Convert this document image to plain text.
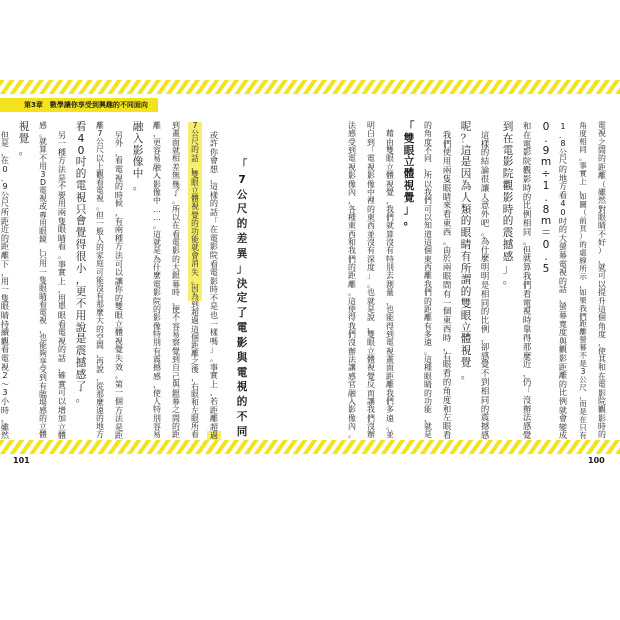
第3章　數學讓你享受到興趣的不同面向
電
視
之
間
的
距
離
（
雖
然
對
眼
睛
不
好
）
，
就
可
以
提
升
這
個
角
度
，
使
其
和
在
電
影
院
觀
影
時
的
角
度
相
同
。
事
實
上
，
如
圖
（
前
頁
）
的
虛
線
所
示
，
如
果
我
們
距
離
螢
幕
不
是
3
公
尺
，
而
是
在
只
有
1
．
8
公
尺
的
地
方
看
4
0
吋
的
大
螢
幕
電
視
的
話
，
螢
幕
寬
度
與
觀
影
距
離
的
比
例
就
會
變
成
0
.
9
m
÷
1
.
8
m
＝
0
.
5
和
在
電
影
院
觀
影
時
的
比
例
相
同
。
但
就
算
我
們
看
電
視
時
靠
得
那
麼
近
，
仍
「
沒
辦
法
感
覺
到
在
電
影
院
觀
影
時
的
震
撼
感
」
。

這
樣
的
結
論
很
讓
人
意
外
吧
。
為
什
麼
明
明
是
相
同
的
比
例
，
卻
感
覺
不
到
相
同
的
震
撼
感
呢
？
這
是
因
為
人
類
的
眼
睛
有
所
謂
的
雙
眼
立
體
視
覺
。

我
們
使
用
兩
隻
眼
睛
來
看
東
西
。
由
於
兩
眼
間
有
一
個
東
西
時
，
右
眼
看
的
角
度
和
左
眼
看
的
角
度
不
同
，
所
以
我
們
可
以
知
道
這
個
東
西
離
我
們
的
距
離
有
多
遠
。
這
種
眼
睛
的
功
能
，
就
是
「
雙
眼
立
體
視
覺
」
。

藉
由
雙
眼
立
體
視
覺
，
我
們
就
算
沒
有
特
別
去
測
量
，
也
能
得
到
電
視
畫
面
距
離
我
們
多
遠
。
並
明
白
到
「
電
視
影
像
中
裡
的
東
西
並
沒
有
深
度
」
。
也
就
是
說
，
雙
眼
立
體
視
覺
反
而
讓
我
們
沒
辦
法
感
受
到
電
視
影
像
內
，
各
種
東
西
和
我
們
的
距
離
。
這
使
得
我
們
沒
辦
法
讓
感
官
融
入
影
像
內
。
「
7
公
尺
的
差
異
」
決
定
了
電
影
與
電
視
的
不
同

或
許
你
會
想
，
這
樣
的
話
「
在
電
影
院
看
電
影
時
不
是
也
一
樣
嗎
」
。
事
實
上
，
若
距
離
超
過
7
公
尺
的
話
，
雙
眼
立
體
視
覺
的
功
能
就
會
消
失
。
因
為
到
超
過
這
個
距
離
之
後
，
右
眼
和
左
眼
所
看
到
畫
面
就
相
差
無
幾
了
。
所
以
在
看
電
影
的
大
銀
幕
時
，
便
不
容
易
察
覺
到
自
己
與
銀
幕
之
間
的
距
離
，
更
容
易
融
入
影
像
中
…
…
。
這
就
是
為
什
麼
電
影
院
的
影
像
特
別
有
震
撼
感
，
使
人
特
別
容
易
融
入
影
像
中
。

另
外
，
看
電
視
的
時
候
，
有
兩
種
方
法
可
以
讓
你
的
雙
眼
立
體
視
覺
失
效
。
第
一
個
方
法
是
距
離
7
公
尺
以
上
觀
看
電
視
。
但
一
般
人
的
家
庭
可
能
沒
有
那
麼
大
的
空
間
，
再
說
，
從
那
麼
遠
的
地
方
看
4
0
吋
的
電
視
只
會
覺
得
很
小
，
更
不
用
說
是
震
撼
感
了
。

另
一
種
方
法
是
不
要
用
兩
隻
眼
睛
看
。
事
實
上
，
用
單
眼
看
電
視
的
話
，
確
實
可
以
增
加
立
體
感
。
就
算
不
用
3
D
電
視
或
專
用
眼
鏡
，
只
用
一
隻
眼
睛
看
電
視
，
也
能
夠
享
受
到
有
臨
場
感
的
立
體
視
覺
。

但
是
，
在
0
．
9
公
尺
所
距
近
的
距
離
下
，
用
一
隻
眼
睛
持
續
觀
看
電
視
2
～
3
小
時
，
雖
然
101	100
